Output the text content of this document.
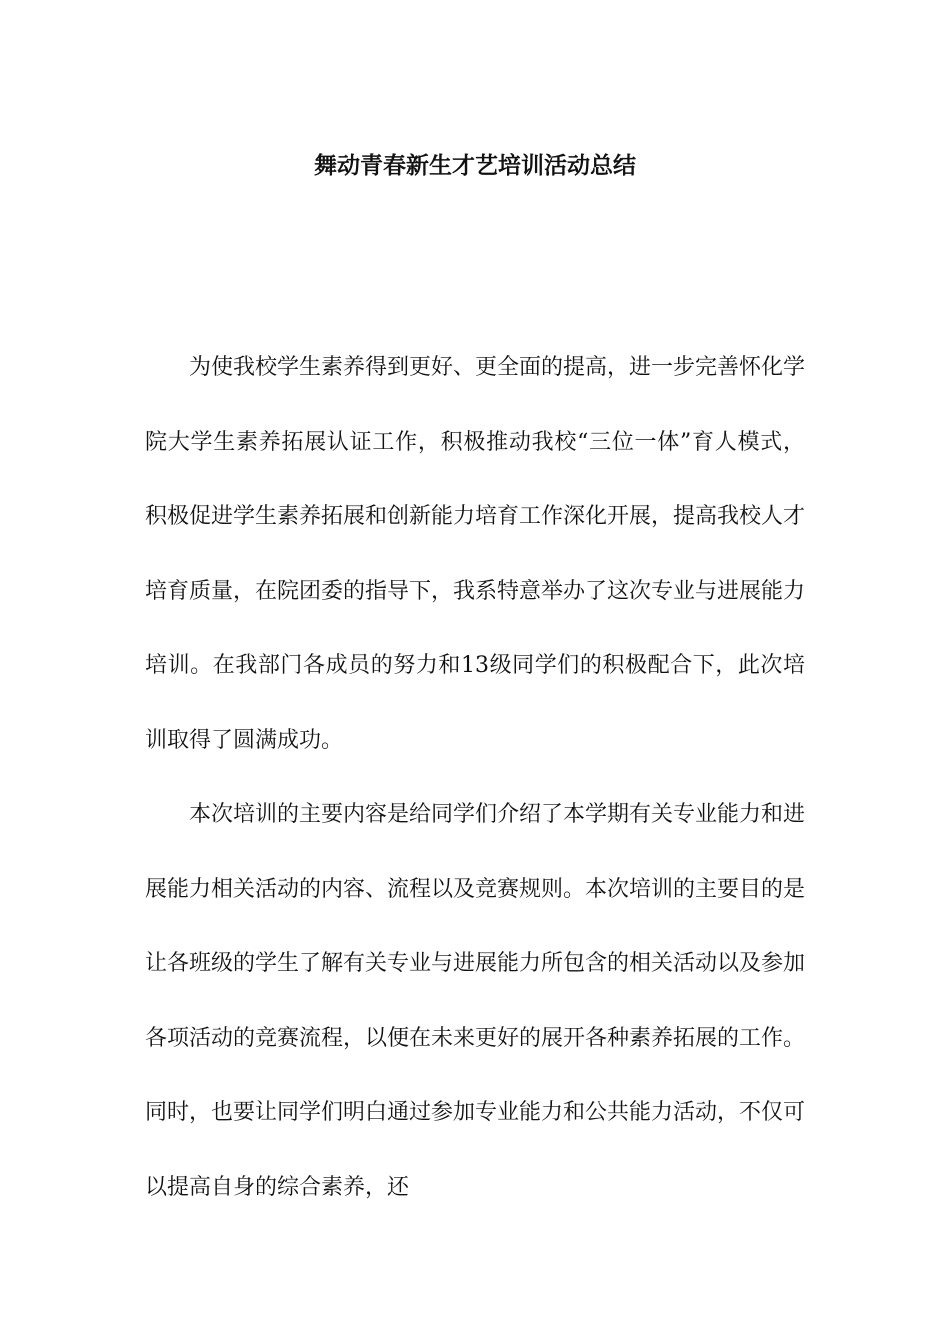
舞动青春新生才艺培训活动总结

为使我校学生素养得到更好、更全面的提高，进一步完善怀化学院大学生素养拓展认证工作，积极推动我校“三位一体”育人模式，积极促进学生素养拓展和创新能力培育工作深化开展，提高我校人才培育质量，在院团委的指导下，我系特意举办了这次专业与进展能力培训。在我部门各成员的努力和13级同学们的积极配合下，此次培训取得了圆满成功。

本次培训的主要内容是给同学们介绍了本学期有关专业能力和进展能力相关活动的内容、流程以及竞赛规则。本次培训的主要目的是让各班级的学生了解有关专业与进展能力所包含的相关活动以及参加各项活动的竞赛流程，以便在未来更好的展开各种素养拓展的工作。同时，也要让同学们明白通过参加专业能力和公共能力活动，不仅可以提高自身的综合素养，还
